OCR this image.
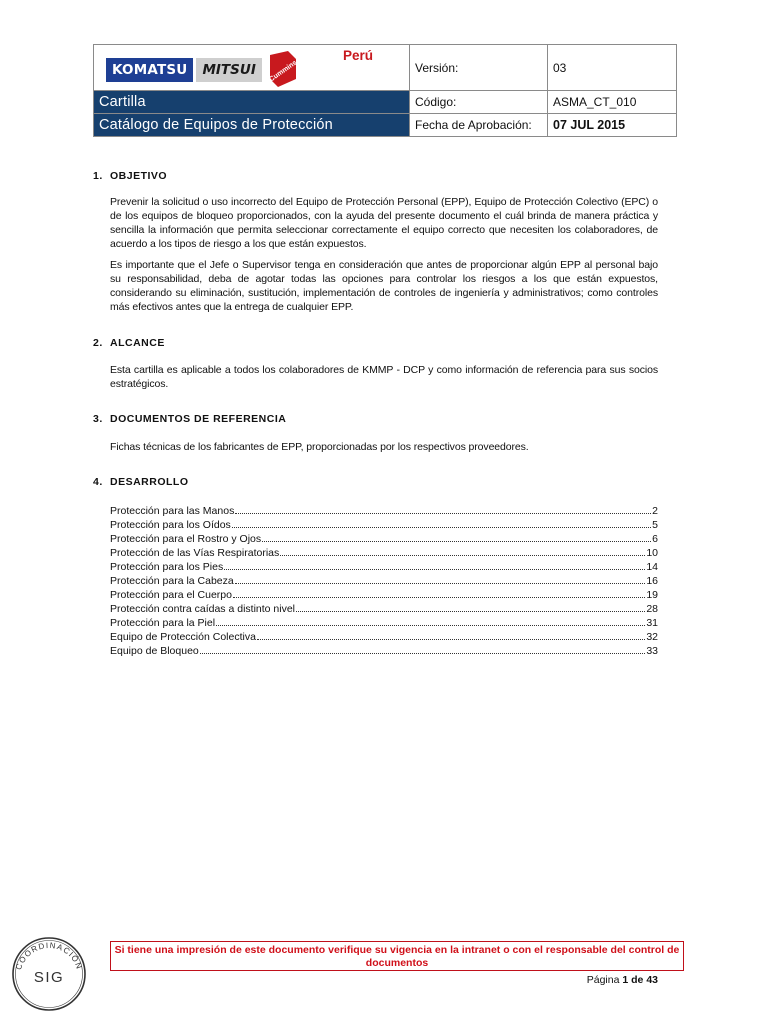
KOMATSU MITSUI Cummins
Perú	Versión:	03
Cartilla	Código:	ASMA_CT_010
Catálogo de Equipos de Protección	Fecha de Aprobación:	07 JUL 2015
1. OBJETIVO
Prevenir la solicitud o uso incorrecto del Equipo de Protección Personal (EPP), Equipo de Protección Colectivo (EPC) o de los equipos de bloqueo proporcionados, con la ayuda del presente documento el cuál brinda de manera práctica y sencilla la información que permita seleccionar correctamente el equipo correcto que necesiten los colaboradores, de acuerdo a los tipos de riesgo a los que están expuestos.
Es importante que el Jefe o Supervisor tenga en consideración que antes de proporcionar algún EPP al personal bajo su responsabilidad, deba de agotar todas las opciones para controlar los riesgos a los que están expuestos, considerando su eliminación, sustitución, implementación de controles de ingeniería y administrativos; como controles más efectivos antes que la entrega de cualquier EPP.
2. ALCANCE
Esta cartilla es aplicable a todos los colaboradores de KMMP - DCP y como información de referencia para sus socios estratégicos.
3. DOCUMENTOS DE REFERENCIA
Fichas técnicas de los fabricantes de EPP, proporcionadas por los respectivos proveedores.
4. DESARROLLO
Protección para las Manos	2
Protección para los Oídos	5
Protección para el Rostro y Ojos	6
Protección de las Vías Respiratorias	10
Protección para los Pies	14
Protección para la Cabeza	16
Protección para el Cuerpo	19
Protección contra caídas a distinto nivel	28
Protección para la Piel	31
Equipo de Protección Colectiva	32
Equipo de Bloqueo	33
COORDINACIÓN
SIG
Si tiene una impresión de este documento verifique su vigencia en la intranet o con el responsable del control de documentos
Página 1 de 43
